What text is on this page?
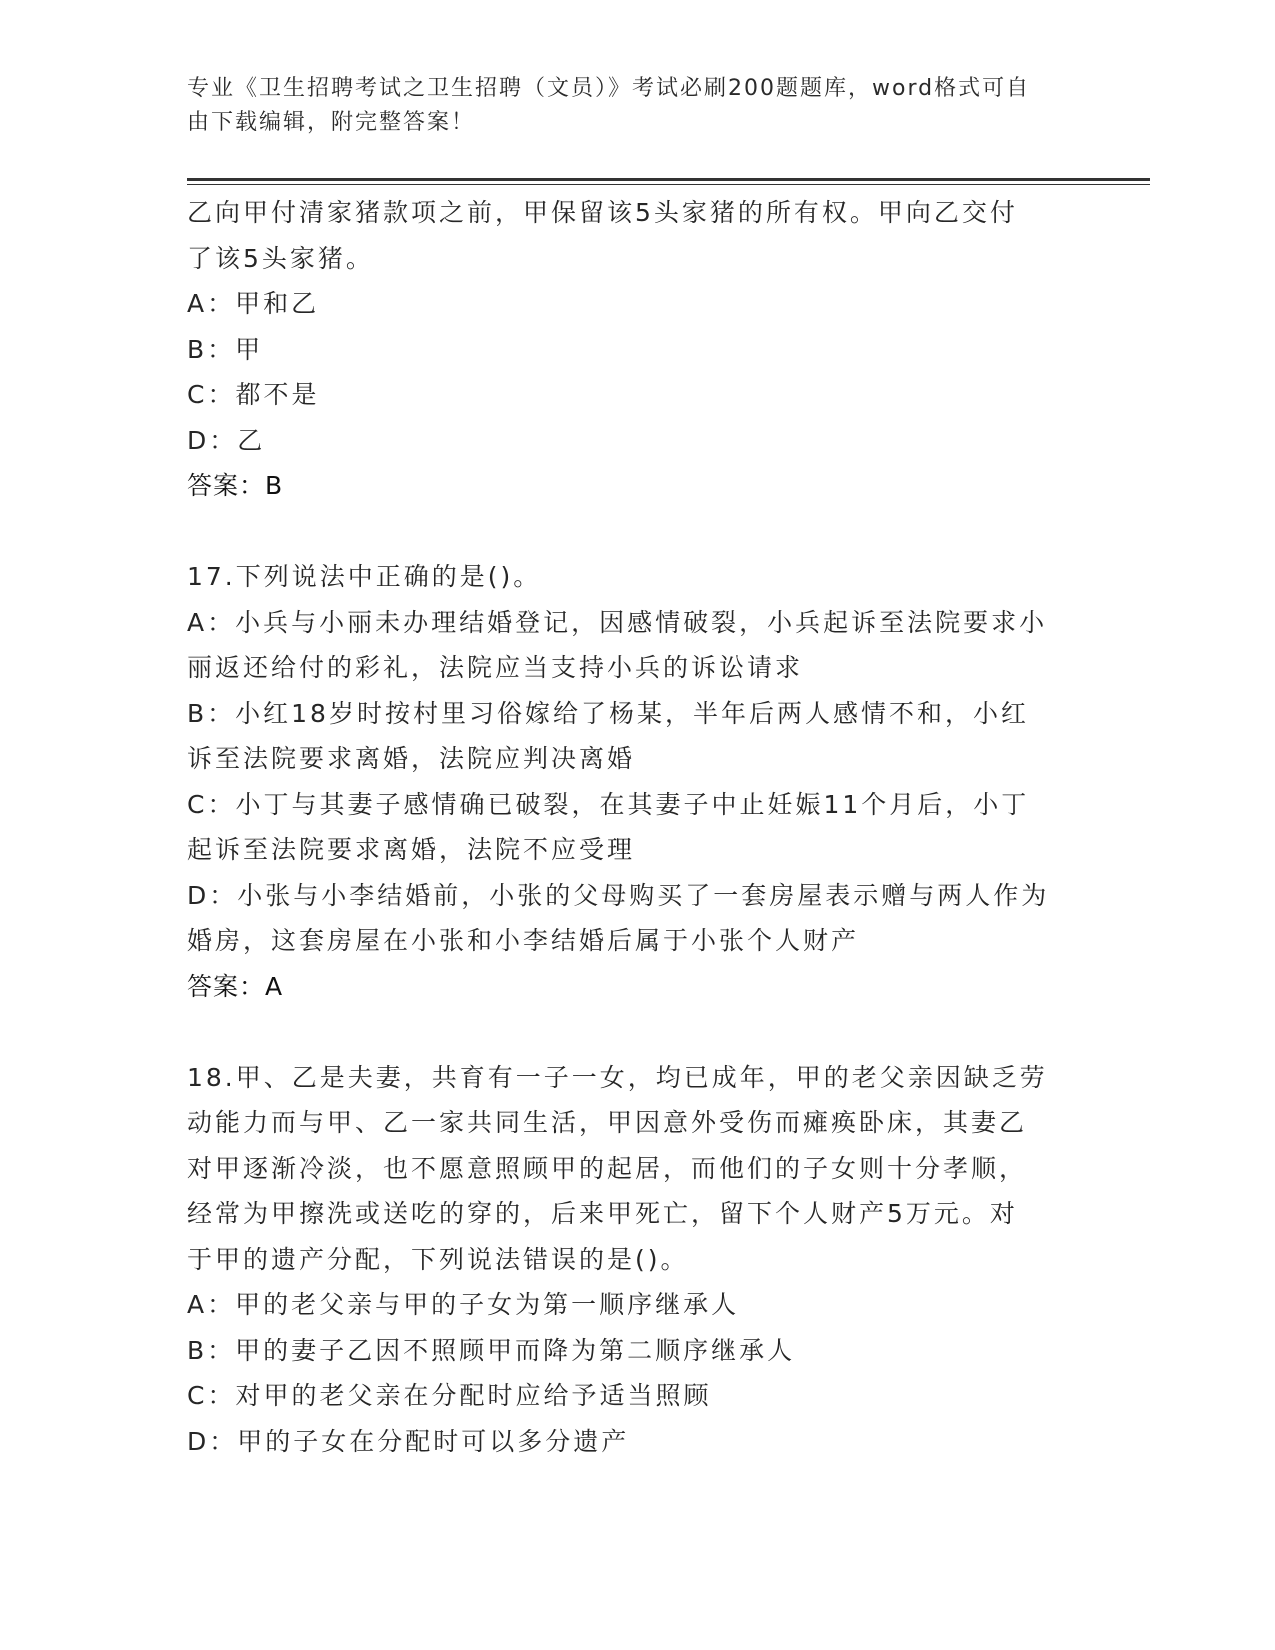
专业《卫生招聘考试之卫生招聘（文员）》考试必刷200题题库，word格式可自
由下载编辑，附完整答案！
乙向甲付清家猪款项之前，甲保留该5头家猪的所有权。甲向乙交付
了该5头家猪。
A：甲和乙
B：甲
C：都不是
D：乙
答案：B
17.下列说法中正确的是()。
A：小兵与小丽未办理结婚登记，因感情破裂，小兵起诉至法院要求小
丽返还给付的彩礼，法院应当支持小兵的诉讼请求
B：小红18岁时按村里习俗嫁给了杨某，半年后两人感情不和，小红
诉至法院要求离婚，法院应判决离婚
C：小丁与其妻子感情确已破裂，在其妻子中止妊娠11个月后，小丁
起诉至法院要求离婚，法院不应受理
D：小张与小李结婚前，小张的父母购买了一套房屋表示赠与两人作为
婚房，这套房屋在小张和小李结婚后属于小张个人财产
答案：A
18.甲、乙是夫妻，共育有一子一女，均已成年，甲的老父亲因缺乏劳
动能力而与甲、乙一家共同生活，甲因意外受伤而瘫痪卧床，其妻乙
对甲逐渐冷淡，也不愿意照顾甲的起居，而他们的子女则十分孝顺，
经常为甲擦洗或送吃的穿的，后来甲死亡，留下个人财产5万元。对
于甲的遗产分配，下列说法错误的是()。
A：甲的老父亲与甲的子女为第一顺序继承人
B：甲的妻子乙因不照顾甲而降为第二顺序继承人
C：对甲的老父亲在分配时应给予适当照顾
D：甲的子女在分配时可以多分遗产
